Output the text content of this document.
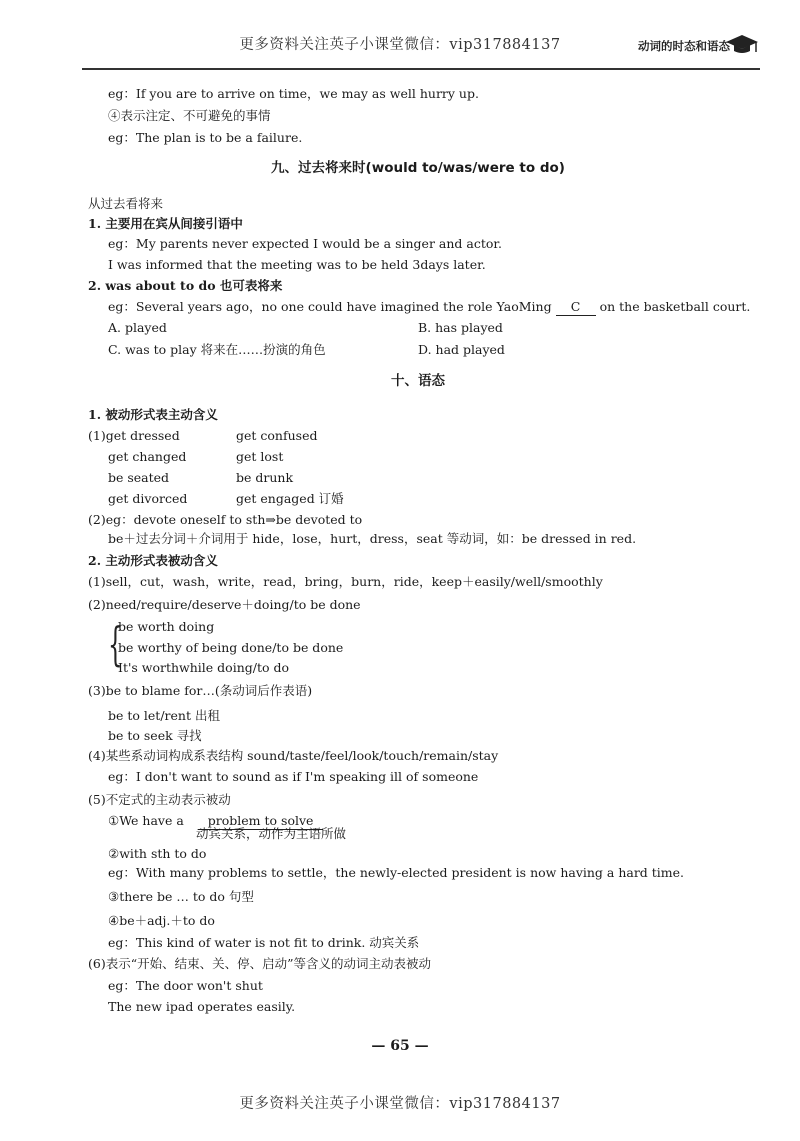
更多资料关注英子小课堂微信：vip317884137	动词的时态和语态
eg：If you are to arrive on time，we may as well hurry up.
④表示注定、不可避免的事情
eg：The plan is to be a failure.
九、过去将来时(would to/was/were to do)
从过去看将来
1. 主要用在宾从间接引语中
eg：My parents never expected I would be a singer and actor.
I was informed that the meeting was to be held 3days later.
2. was about to do 也可表将来
eg：Several years ago，no one could have imagined the role YaoMing C on the basketball court.
A. played	B. has played
C. was to play 将来在……扮演的角色	D. had played
十、语态
1. 被动形式表主动含义
(1)get dressed	get confused
get changed	get lost
be seated	be drunk
get divorced	get engaged 订婚
(2)eg：devote oneself to sth⇒be devoted to
be＋过去分词＋介词用于 hide，lose，hurt，dress，seat 等动词，如：be dressed in red.
2. 主动形式表被动含义
(1)sell，cut，wash，write，read，bring，burn，ride，keep＋easily/well/smoothly
(2)need/require/deserve＋doing/to be done
{
be worth doing
be worthy of being done/to be done
It's worthwhile doing/to do
(3)be to blame for…(条动词后作表语)
be to let/rent 出租
be to seek 寻找
(4)某些系动词构成系表结构 sound/taste/feel/look/touch/remain/stay
eg：I don't want to sound as if I'm speaking ill of someone
(5)不定式的主动表示被动
①We have a problem to solve
动宾关系，动作为主语所做
②with sth to do
eg：With many problems to settle，the newly-elected president is now having a hard time.
③there be … to do 句型
④be＋adj.＋to do
eg：This kind of water is not fit to drink. 动宾关系
(6)表示“开始、结束、关、停、启动”等含义的动词主动表被动
eg：The door won't shut
The new ipad operates easily.
— 65 —
更多资料关注英子小课堂微信：vip317884137
